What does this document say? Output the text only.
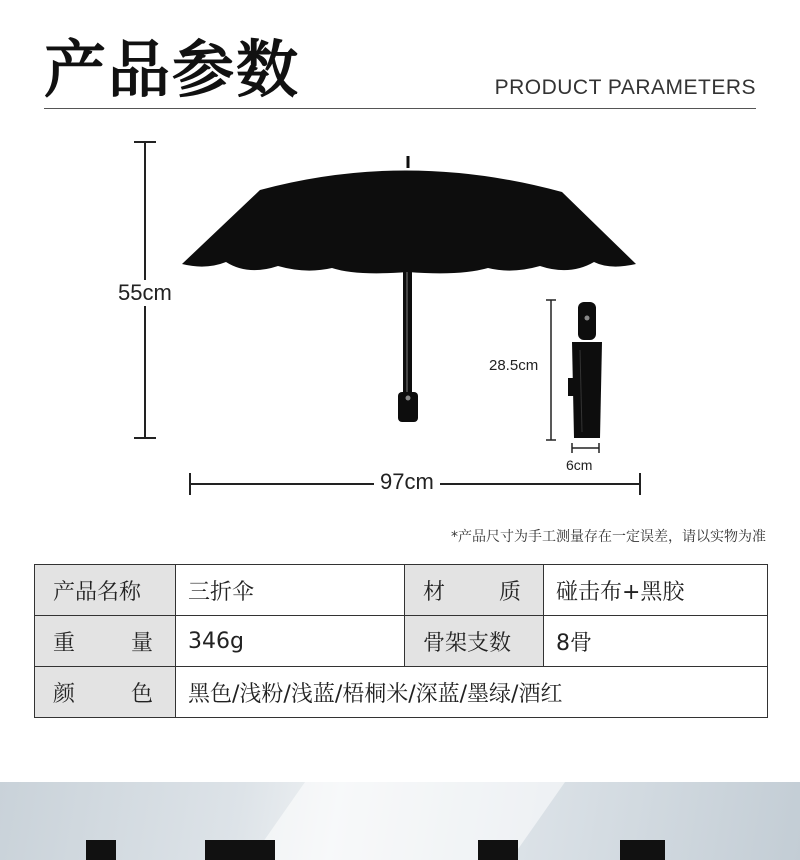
产品参数	PRODUCT PARAMETERS
55cm
97cm
28.5cm
6cm
*产品尺寸为手工测量存在一定误差，请以实物为准
产品名称	三折伞	材 质	碰击布+黑胶

重 量	346g	骨架支数	8骨

颜 色	黑色/浅粉/浅蓝/梧桐米/深蓝/墨绿/酒红		
